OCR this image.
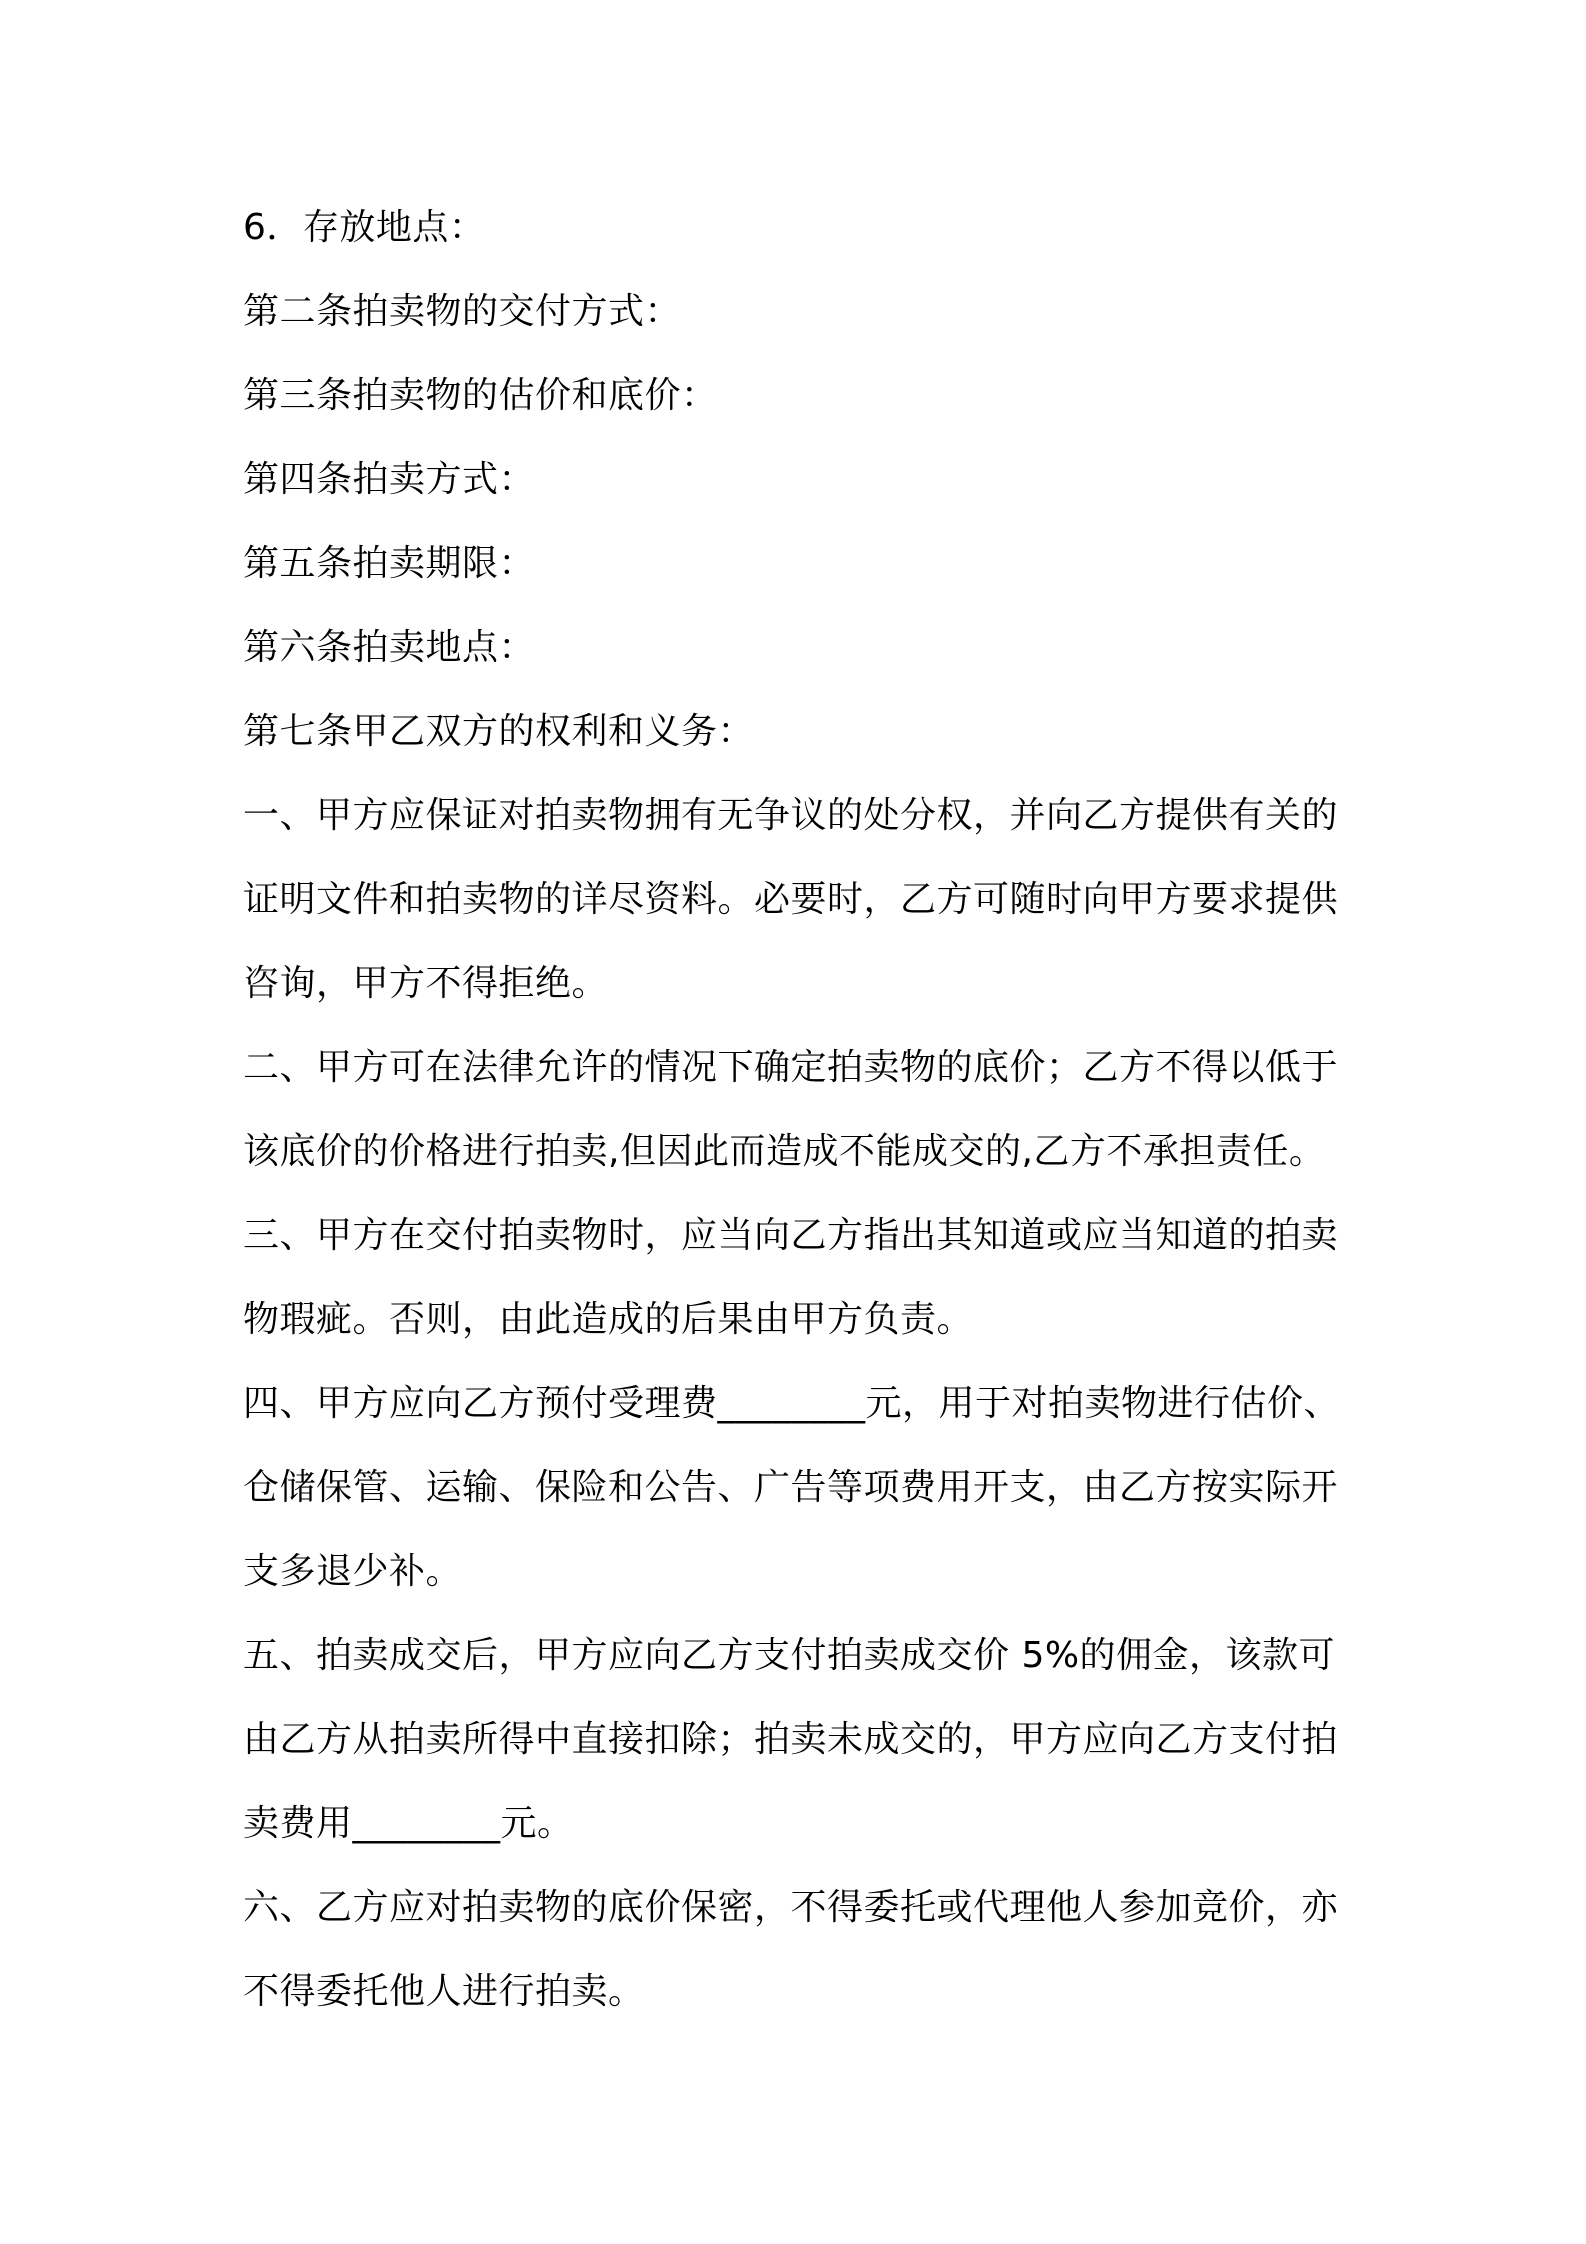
6．存放地点：
第二条拍卖物的交付方式：
第三条拍卖物的估价和底价：
第四条拍卖方式：
第五条拍卖期限：
第六条拍卖地点：
第七条甲乙双方的权利和义务：
一、甲方应保证对拍卖物拥有无争议的处分权，并向乙方提供有关的
证明文件和拍卖物的详尽资料。必要时，乙方可随时向甲方要求提供
咨询，甲方不得拒绝。
二、甲方可在法律允许的情况下确定拍卖物的底价；乙方不得以低于
该底价的价格进行拍卖,但因此而造成不能成交的,乙方不承担责任。
三、甲方在交付拍卖物时，应当向乙方指出其知道或应当知道的拍卖
物瑕疵。否则，由此造成的后果由甲方负责。
四、甲方应向乙方预付受理费________元，用于对拍卖物进行估价、
仓储保管、运输、保险和公告、广告等项费用开支，由乙方按实际开
支多退少补。
五、拍卖成交后，甲方应向乙方支付拍卖成交价 5%的佣金，该款可
由乙方从拍卖所得中直接扣除；拍卖未成交的，甲方应向乙方支付拍
卖费用________元。
六、乙方应对拍卖物的底价保密，不得委托或代理他人参加竞价，亦
不得委托他人进行拍卖。
